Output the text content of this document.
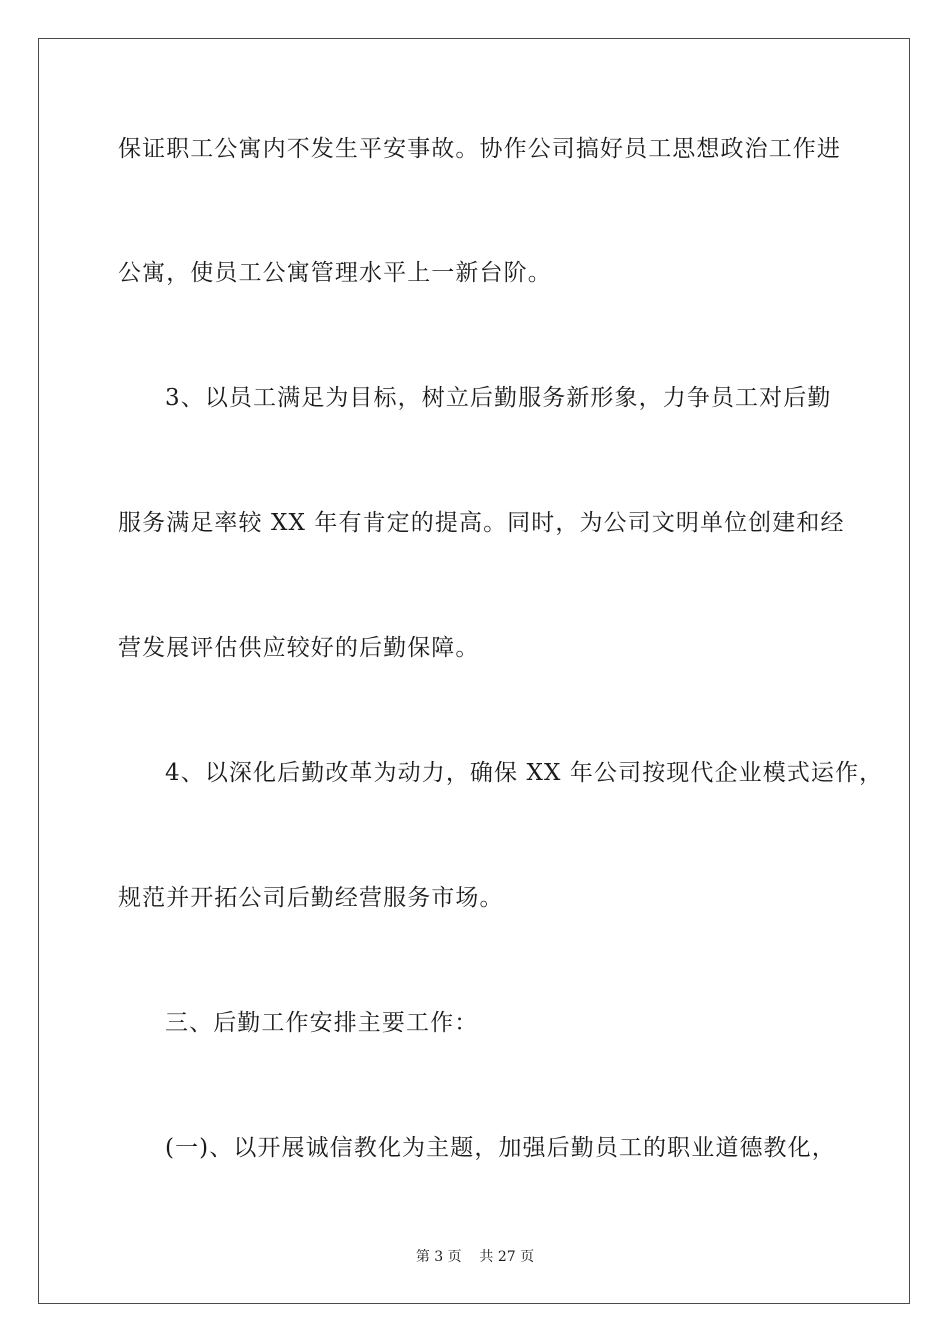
保证职工公寓内不发生平安事故。协作公司搞好员工思想政治工作进
公寓，使员工公寓管理水平上一新台阶。
3、以员工满足为目标，树立后勤服务新形象，力争员工对后勤
服务满足率较 XX 年有肯定的提高。同时，为公司文明单位创建和经
营发展评估供应较好的后勤保障。
4、以深化后勤改革为动力，确保 XX 年公司按现代企业模式运作，
规范并开拓公司后勤经营服务市场。
三、后勤工作安排主要工作：
(一)、以开展诚信教化为主题，加强后勤员工的职业道德教化，
第 3 页    共 27 页
